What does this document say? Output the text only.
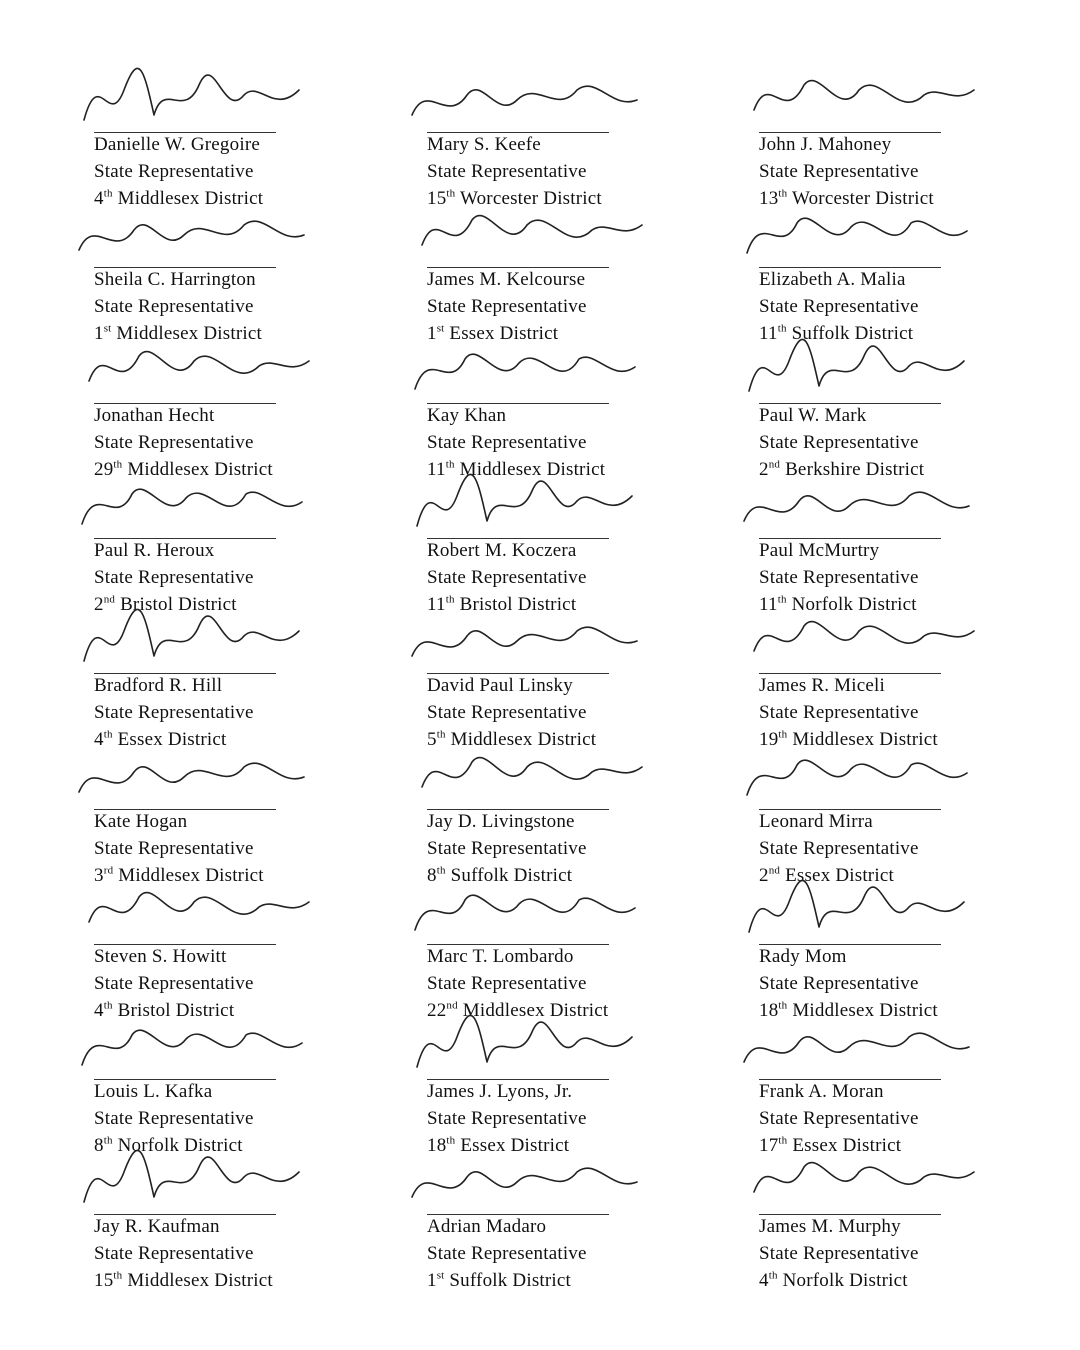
Danielle W. Gregoire
State Representative
4th Middlesex District
Sheila C. Harrington
State Representative
1st Middlesex District
Jonathan Hecht
State Representative
29th Middlesex District
Paul R. Heroux
State Representative
2nd Bristol District
Bradford R. Hill
State Representative
4th Essex District
Kate Hogan
State Representative
3rd Middlesex District
Steven S. Howitt
State Representative
4th Bristol District
Louis L. Kafka
State Representative
8th Norfolk District
Jay R. Kaufman
State Representative
15th Middlesex District
Mary S. Keefe
State Representative
15th Worcester District
James M. Kelcourse
State Representative
1st Essex District
Kay Khan
State Representative
11th Middlesex District
Robert M. Koczera
State Representative
11th Bristol District
David Paul Linsky
State Representative
5th Middlesex District
Jay D. Livingstone
State Representative
8th Suffolk District
Marc T. Lombardo
State Representative
22nd Middlesex District
James J. Lyons, Jr.
State Representative
18th Essex District
Adrian Madaro
State Representative
1st Suffolk District
John J. Mahoney
State Representative
13th Worcester District
Elizabeth A. Malia
State Representative
11th Suffolk District
Paul W. Mark
State Representative
2nd Berkshire District
Paul McMurtry
State Representative
11th Norfolk District
James R. Miceli
State Representative
19th Middlesex District
Leonard Mirra
State Representative
2nd Essex District
Rady Mom
State Representative
18th Middlesex District
Frank A. Moran
State Representative
17th Essex District
James M. Murphy
State Representative
4th Norfolk District
